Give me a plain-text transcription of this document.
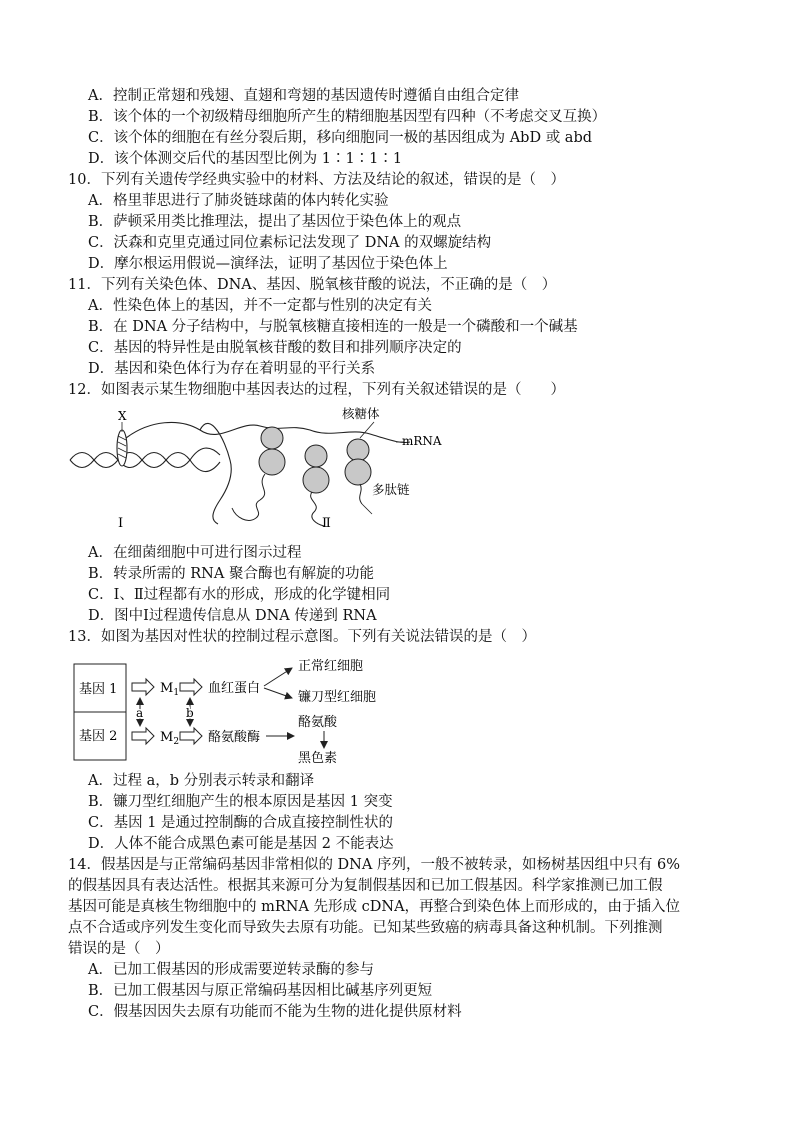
A．控制正常翅和残翅、直翅和弯翅的基因遗传时遵循自由组合定律
B．该个体的一个初级精母细胞所产生的精细胞基因型有四种（不考虑交叉互换）
C．该个体的细胞在有丝分裂后期，移向细胞同一极的基因组成为 AbD 或 abd
D．该个体测交后代的基因型比例为 1∶1∶1∶1
10．下列有关遗传学经典实验中的材料、方法及结论的叙述，错误的是（　）
A．格里菲思进行了肺炎链球菌的体内转化实验
B．萨顿采用类比推理法，提出了基因位于染色体上的观点
C．沃森和克里克通过同位素标记法发现了 DNA 的双螺旋结构
D．摩尔根运用假说—演绎法，证明了基因位于染色体上
11．下列有关染色体、DNA、基因、脱氧核苷酸的说法，不正确的是（　）
A．性染色体上的基因，并不一定都与性别的决定有关
B．在 DNA 分子结构中，与脱氧核糖直接相连的一般是一个磷酸和一个碱基
C．基因的特异性是由脱氧核苷酸的数目和排列顺序决定的
D．基因和染色体行为存在着明显的平行关系
12．如图表示某生物细胞中基因表达的过程，下列有关叙述错误的是（　　）
X	核糖体
mRNA
多肽链
Ⅰ	Ⅱ
A．在细菌细胞中可进行图示过程
B．转录所需的 RNA 聚合酶也有解旋的功能
C．Ⅰ、Ⅱ过程都有水的形成，形成的化学键相同
D．图中Ⅰ过程遗传信息从 DNA 传递到 RNA
13．如图为基因对性状的控制过程示意图。下列有关说法错误的是（　）
基因 1
基因 2
$M_1$
$M_2$
a	b
血红蛋白
正常红细胞
镰刀型红细胞
酪氨酸酶
酪氨酸
黑色素
A．过程 a，b 分别表示转录和翻译
B．镰刀型红细胞产生的根本原因是基因 1 突变
C．基因 1 是通过控制酶的合成直接控制性状的
D．人体不能合成黑色素可能是基因 2 不能表达
14．假基因是与正常编码基因非常相似的 DNA 序列，一般不被转录，如杨树基因组中只有 6%
的假基因具有表达活性。根据其来源可分为复制假基因和已加工假基因。科学家推测已加工假
基因可能是真核生物细胞中的 mRNA 先形成 cDNA，再整合到染色体上而形成的，由于插入位
点不合适或序列发生变化而导致失去原有功能。已知某些致癌的病毒具备这种机制。下列推测
错误的是（　）
A．已加工假基因的形成需要逆转录酶的参与
B．已加工假基因与原正常编码基因相比碱基序列更短
C．假基因因失去原有功能而不能为生物的进化提供原材料
